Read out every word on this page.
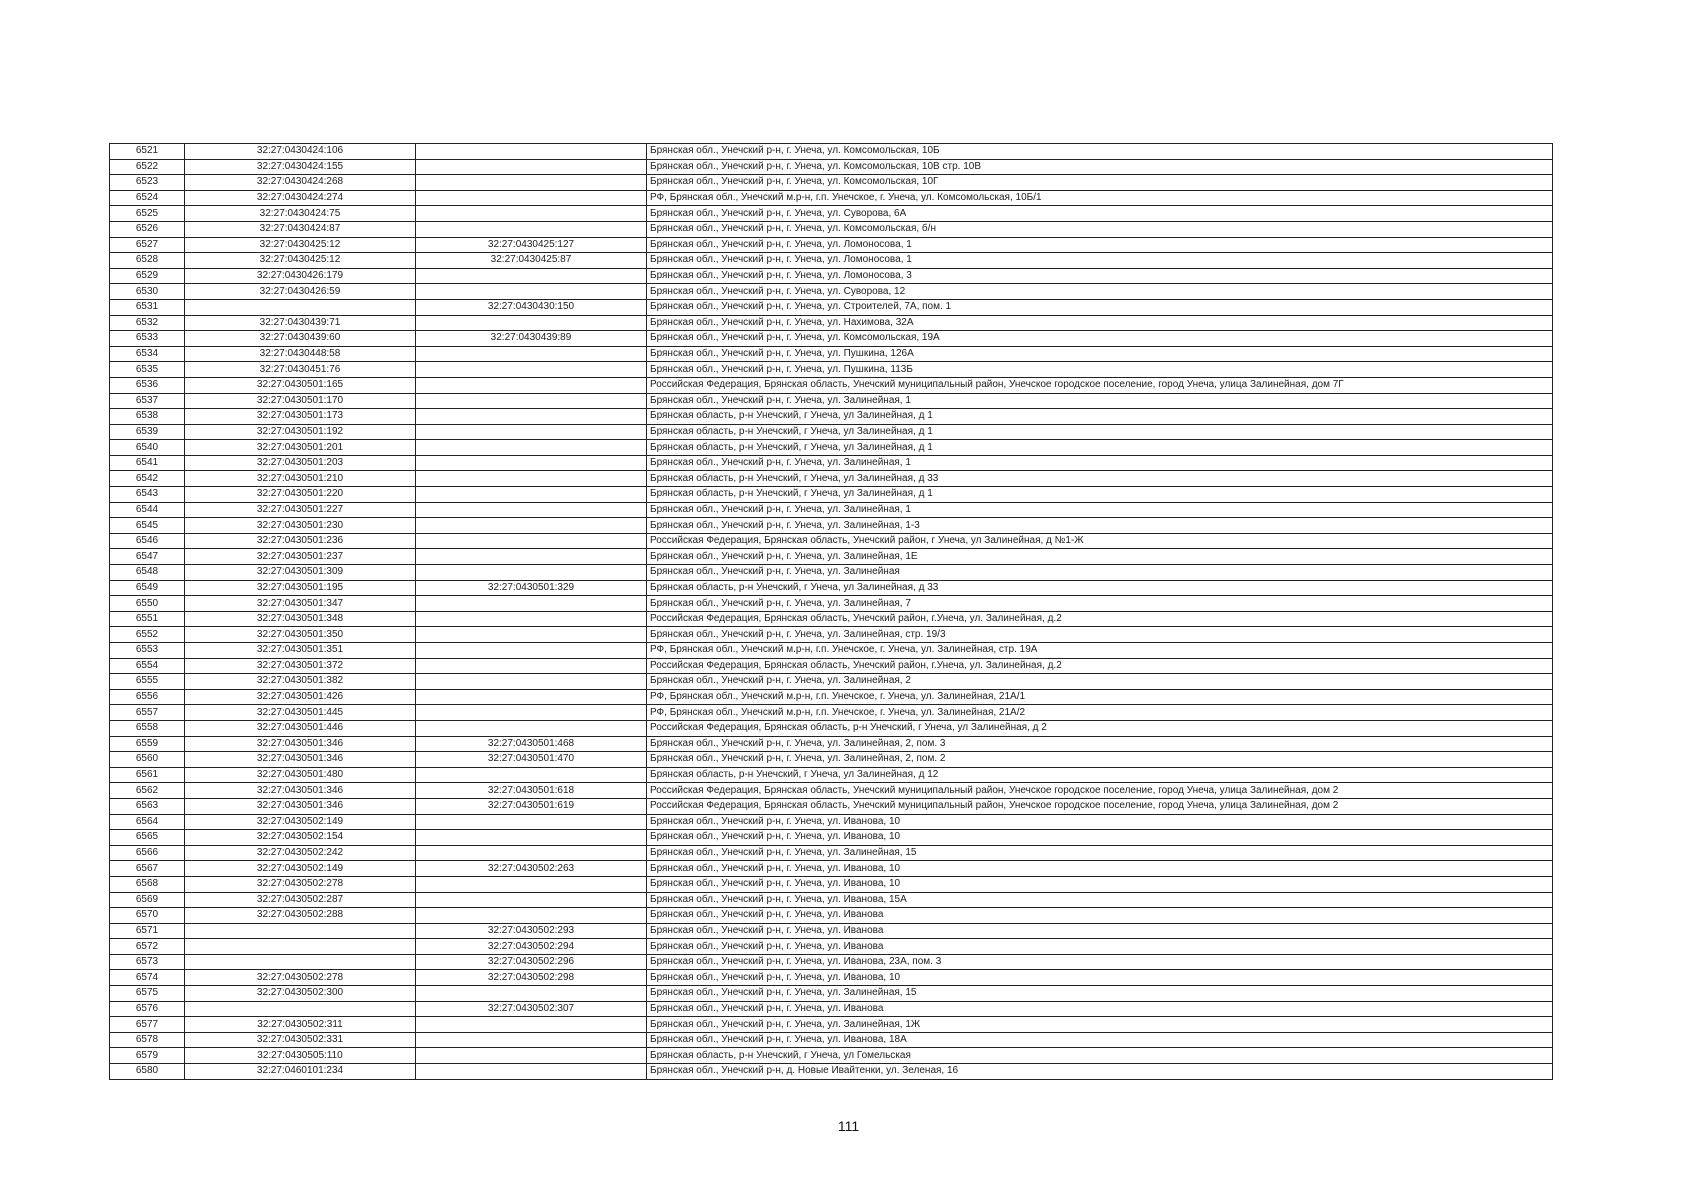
6521	32:27:0430424:106		Брянская обл., Унечский р-н, г. Унеча, ул. Комсомольская, 10Б
6522	32:27:0430424:155		Брянская обл., Унечский р-н, г. Унеча, ул. Комсомольская, 10В стр. 10В
6523	32:27:0430424:268		Брянская обл., Унечский р-н, г. Унеча, ул. Комсомольская, 10Г
6524	32:27:0430424:274		РФ, Брянская обл., Унечский м.р-н, г.п. Унечское, г. Унеча, ул. Комсомольская, 10Б/1
6525	32:27:0430424:75		Брянская обл., Унечский р-н, г. Унеча, ул. Суворова, 6А
6526	32:27:0430424:87		Брянская обл., Унечский р-н, г. Унеча, ул. Комсомольская, б/н
6527	32:27:0430425:12	32:27:0430425:127	Брянская обл., Унечский р-н, г. Унеча, ул. Ломоносова, 1
6528	32:27:0430425:12	32:27:0430425:87	Брянская обл., Унечский р-н, г. Унеча, ул. Ломоносова, 1
6529	32:27:0430426:179		Брянская обл., Унечский р-н, г. Унеча, ул. Ломоносова, 3
6530	32:27:0430426:59		Брянская обл., Унечский р-н, г. Унеча, ул. Суворова, 12
6531		32:27:0430430:150	Брянская обл., Унечский р-н, г. Унеча, ул. Строителей, 7А, пом. 1
6532	32:27:0430439:71		Брянская обл., Унечский р-н, г. Унеча, ул. Нахимова, 32А
6533	32:27:0430439:60	32:27:0430439:89	Брянская обл., Унечский р-н, г. Унеча, ул. Комсомольская, 19А
6534	32:27:0430448:58		Брянская обл., Унечский р-н, г. Унеча, ул. Пушкина, 126А
6535	32:27:0430451:76		Брянская обл., Унечский р-н, г. Унеча, ул. Пушкина, 113Б
6536	32:27:0430501:165		Российская Федерация, Брянская область, Унечский муниципальный район, Унечское городское поселение, город Унеча, улица Залинейная, дом 7Г
6537	32:27:0430501:170		Брянская обл., Унечский р-н, г. Унеча, ул. Залинейная, 1
6538	32:27:0430501:173		Брянская область, р-н Унечский, г Унеча, ул Залинейная, д 1
6539	32:27:0430501:192		Брянская область, р-н Унечский, г Унеча, ул Залинейная, д 1
6540	32:27:0430501:201		Брянская область, р-н Унечский, г Унеча, ул Залинейная, д 1
6541	32:27:0430501:203		Брянская обл., Унечский р-н, г. Унеча, ул. Залинейная, 1
6542	32:27:0430501:210		Брянская область, р-н Унечский, г Унеча, ул Залинейная, д 33
6543	32:27:0430501:220		Брянская область, р-н Унечский, г Унеча, ул Залинейная, д 1
6544	32:27:0430501:227		Брянская обл., Унечский р-н, г. Унеча, ул. Залинейная, 1
6545	32:27:0430501:230		Брянская обл., Унечский р-н, г. Унеча, ул. Залинейная, 1-3
6546	32:27:0430501:236		Российская Федерация, Брянская область, Унечский район, г Унеча, ул Залинейная, д №1-Ж
6547	32:27:0430501:237		Брянская обл., Унечский р-н, г. Унеча, ул. Залинейная, 1Е
6548	32:27:0430501:309		Брянская обл., Унечский р-н, г. Унеча, ул. Залинейная
6549	32:27:0430501:195	32:27:0430501:329	Брянская область, р-н Унечский, г Унеча, ул Залинейная, д 33
6550	32:27:0430501:347		Брянская обл., Унечский р-н, г. Унеча, ул. Залинейная, 7
6551	32:27:0430501:348		Российская Федерация, Брянская область, Унечский район, г.Унеча, ул. Залинейная, д.2
6552	32:27:0430501:350		Брянская обл., Унечский р-н, г. Унеча, ул. Залинейная, стр. 19/3
6553	32:27:0430501:351		РФ, Брянская обл., Унечский м.р-н, г.п. Унечское, г. Унеча, ул. Залинейная, стр. 19А
6554	32:27:0430501:372		Российская Федерация, Брянская область, Унечский район, г.Унеча, ул. Залинейная, д.2
6555	32:27:0430501:382		Брянская обл., Унечский р-н, г. Унеча, ул. Залинейная, 2
6556	32:27:0430501:426		РФ, Брянская обл., Унечский м.р-н, г.п. Унечское, г. Унеча, ул. Залинейная, 21А/1
6557	32:27:0430501:445		РФ, Брянская обл., Унечский м.р-н, г.п. Унечское, г. Унеча, ул. Залинейная, 21А/2
6558	32:27:0430501:446		Российская Федерация, Брянская область, р-н Унечский, г Унеча, ул Залинейная, д 2
6559	32:27:0430501:346	32:27:0430501:468	Брянская обл., Унечский р-н, г. Унеча, ул. Залинейная, 2, пом. 3
6560	32:27:0430501:346	32:27:0430501:470	Брянская обл., Унечский р-н, г. Унеча, ул. Залинейная, 2, пом. 2
6561	32:27:0430501:480		Брянская область, р-н Унечский, г Унеча, ул Залинейная, д 12
6562	32:27:0430501:346	32:27:0430501:618	Российская Федерация, Брянская область, Унечский муниципальный район, Унечское городское поселение, город Унеча, улица Залинейная, дом 2
6563	32:27:0430501:346	32:27:0430501:619	Российская Федерация, Брянская область, Унечский муниципальный район, Унечское городское поселение, город Унеча, улица Залинейная, дом 2
6564	32:27:0430502:149		Брянская обл., Унечский р-н, г. Унеча, ул. Иванова, 10
6565	32:27:0430502:154		Брянская обл., Унечский р-н, г. Унеча, ул. Иванова, 10
6566	32:27:0430502:242		Брянская обл., Унечский р-н, г. Унеча, ул. Залинейная, 15
6567	32:27:0430502:149	32:27:0430502:263	Брянская обл., Унечский р-н, г. Унеча, ул. Иванова, 10
6568	32:27:0430502:278		Брянская обл., Унечский р-н, г. Унеча, ул. Иванова, 10
6569	32:27:0430502:287		Брянская обл., Унечский р-н, г. Унеча, ул. Иванова, 15А
6570	32:27:0430502:288		Брянская обл., Унечский р-н, г. Унеча, ул. Иванова
6571		32:27:0430502:293	Брянская обл., Унечский р-н, г. Унеча, ул. Иванова
6572		32:27:0430502:294	Брянская обл., Унечский р-н, г. Унеча, ул. Иванова
6573		32:27:0430502:296	Брянская обл., Унечский р-н, г. Унеча, ул. Иванова, 23А, пом. 3
6574	32:27:0430502:278	32:27:0430502:298	Брянская обл., Унечский р-н, г. Унеча, ул. Иванова, 10
6575	32:27:0430502:300		Брянская обл., Унечский р-н, г. Унеча, ул. Залинейная, 15
6576		32:27:0430502:307	Брянская обл., Унечский р-н, г. Унеча, ул. Иванова
6577	32:27:0430502:311		Брянская обл., Унечский р-н, г. Унеча, ул. Залинейная, 1Ж
6578	32:27:0430502:331		Брянская обл., Унечский р-н, г. Унеча, ул. Иванова, 18А
6579	32:27:0430505:110		Брянская область, р-н Унечский, г Унеча, ул Гомельская
6580	32:27:0460101:234		Брянская обл., Унечский р-н, д. Новые Ивайтенки, ул. Зеленая, 16
111
